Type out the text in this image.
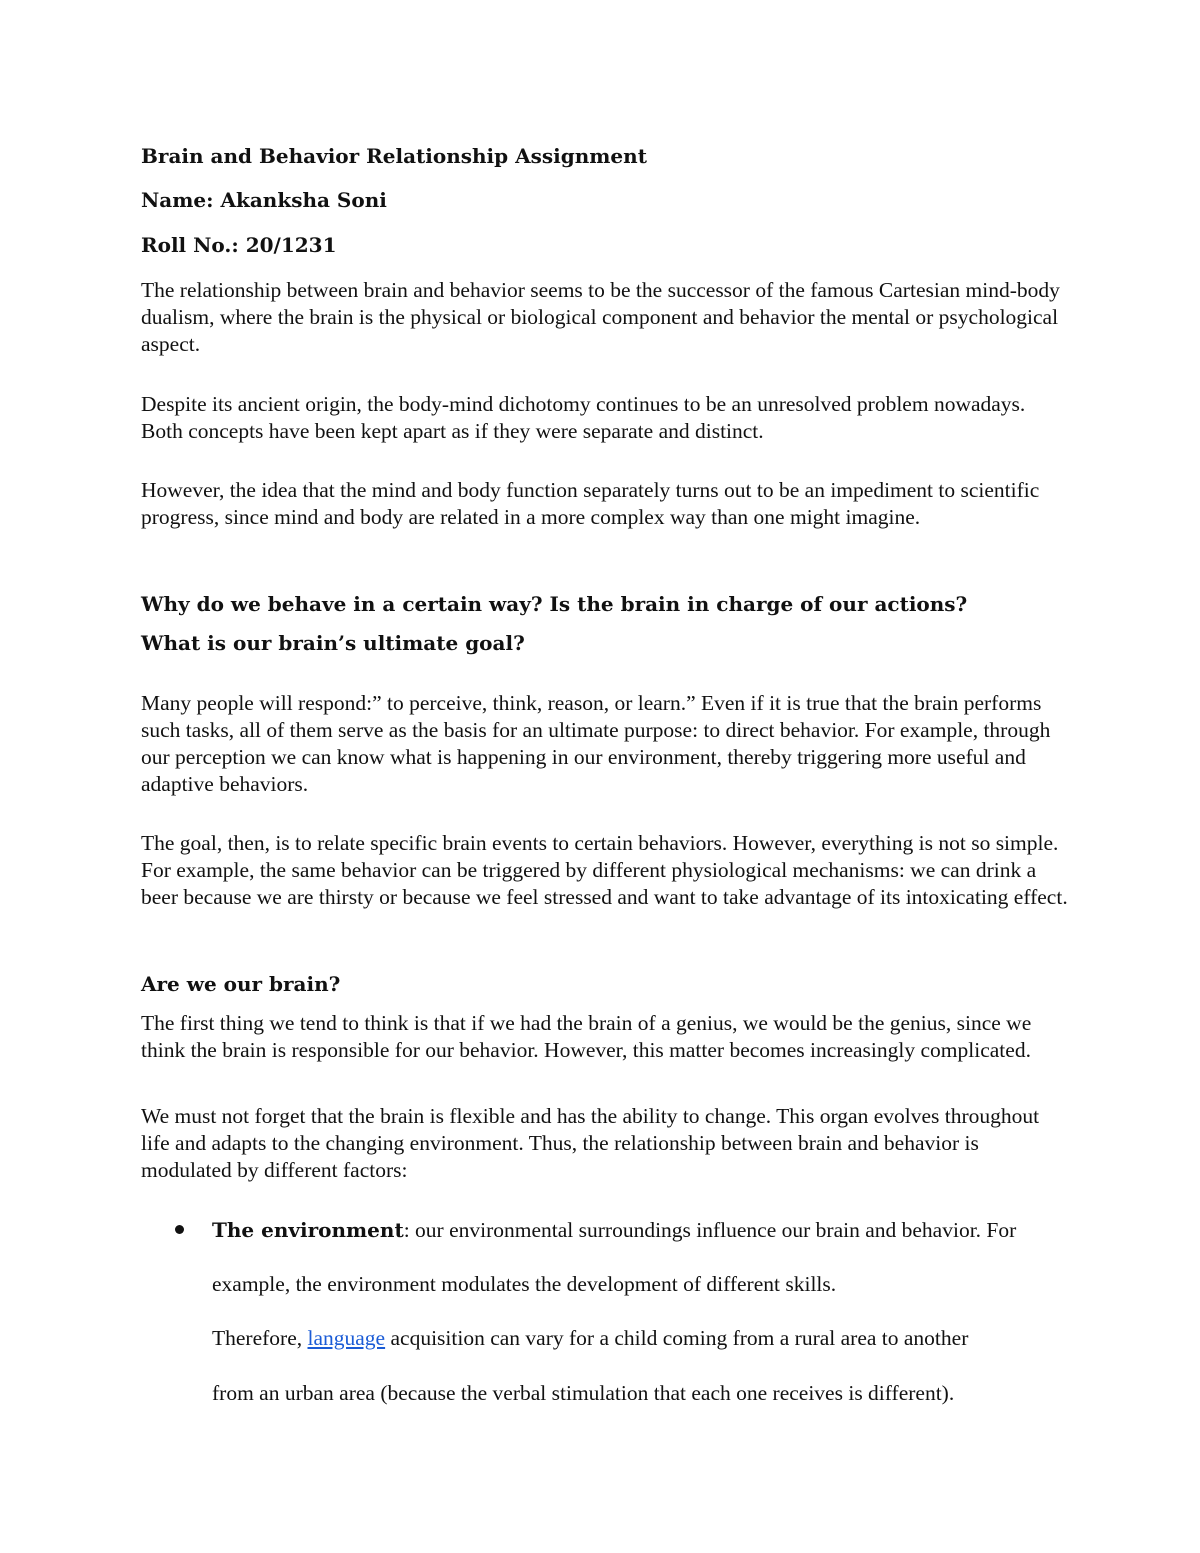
Brain and Behavior Relationship Assignment

Name: Akanksha Soni

Roll No.: 20/1231

The relationship between brain and behavior seems to be the successor of the famous Cartesian mind-body dualism, where the brain is the physical or biological component and behavior the mental or psychological aspect.

Despite its ancient origin, the body-mind dichotomy continues to be an unresolved problem nowadays. Both concepts have been kept apart as if they were separate and distinct.

However, the idea that the mind and body function separately turns out to be an impediment to scientific progress, since mind and body are related in a more complex way than one might imagine.

Why do we behave in a certain way? Is the brain in charge of our actions?

What is our brain’s ultimate goal?

Many people will respond:” to perceive, think, reason, or learn.” Even if it is true that the brain performs such tasks, all of them serve as the basis for an ultimate purpose: to direct behavior. For example, through our perception we can know what is happening in our environment, thereby triggering more useful and adaptive behaviors.

The goal, then, is to relate specific brain events to certain behaviors. However, everything is not so simple. For example, the same behavior can be triggered by different physiological mechanisms: we can drink a beer because we are thirsty or because we feel stressed and want to take advantage of its intoxicating effect.

Are we our brain?

The first thing we tend to think is that if we had the brain of a genius, we would be the genius, since we think the brain is responsible for our behavior. However, this matter becomes increasingly complicated.

We must not forget that the brain is flexible and has the ability to change. This organ evolves throughout life and adapts to the changing environment. Thus, the relationship between brain and behavior is modulated by different factors:

The environment: our environmental surroundings influence our brain and behavior. For

example, the environment modulates the development of different skills.

Therefore, language acquisition can vary for a child coming from a rural area to another

from an urban area (because the verbal stimulation that each one receives is different).
